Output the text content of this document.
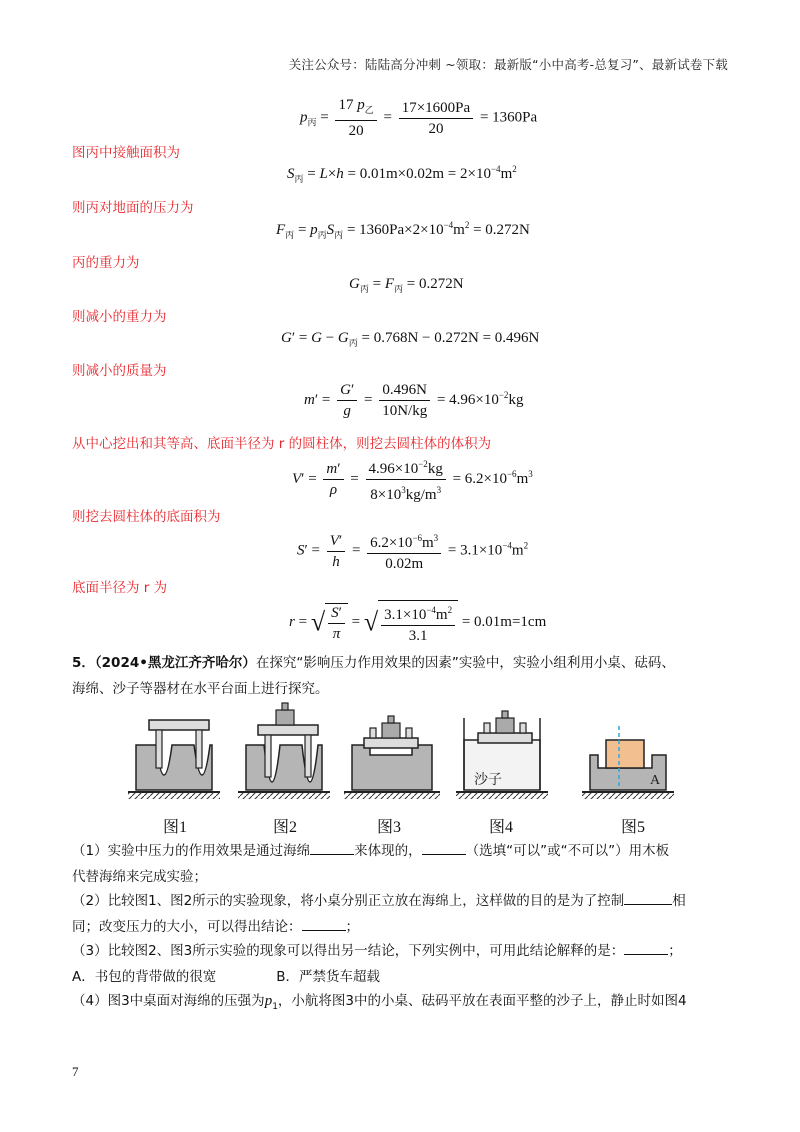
关注公众号：陆陆高分冲刺 ~领取：最新版“小中高考-总复习”、最新试卷下载
$p_丙 = \frac{17 p_乙}{20} = \frac{17\times 1600Pa}{20} = 1360Pa$
图丙中接触面积为
$S_丙 = L\times h = 0.01m\times 0.02m = 2\times 10^{-4}m^2$
则丙对地面的压力为
$F_丙 = p_丙S_丙 = 1360Pa\times 2\times 10^{-4}m^2 = 0.272N$
丙的重力为
$G_丙 = F_丙 = 0.272N$
则减小的重力为
$G' = G - G_丙 = 0.768N - 0.272N = 0.496N$
则减小的质量为
$m' = \frac{G'}{g} = \frac{0.496N}{10N/kg} = 4.96\times 10^{-2}kg$
从中心挖出和其等高、底面半径为 r 的圆柱体，则挖去圆柱体的体积为
$V' = \frac{m'}{\rho} = \frac{4.96\times 10^{-2}kg}{8\times 10^3kg/m^3} = 6.2\times 10^{-6}m^3$
则挖去圆柱体的底面积为
$S' = \frac{V'}{h} = \frac{6.2\times 10^{-6}m^3}{0.02m} = 3.1\times 10^{-4}m^2$
底面半径为 r 为
r = √ $\frac{S'}{\pi}$ = √ $\frac{3.1\times 10^{-4}m^2}{3.1} = 0.01m=1cm$
5．（2024•黑龙江齐齐哈尔）在探究“影响压力作用效果的因素”实验中，实验小组利用小桌、砝码、
海绵、沙子等器材在水平台面上进行探究。
沙子	A
图1	图2	图3	图4	图5
（1）实验中压力的作用效果是通过海绵	来体现的，	（选填“可以”或“不可以”）用木板
代替海绵来完成实验；
（2）比较图1、图2所示的实验现象，将小桌分别正立放在海绵上，这样做的目的是为了控制	相
同；改变压力的大小，可以得出结论：	；
（3）比较图2、图3所示实验的现象可以得出另一结论，下列实例中，可用此结论解释的是：	；
A．书包的背带做的很宽	B．严禁货车超载
（4）图3中桌面对海绵的压强为$p_1$，小航将图3中的小桌、砝码平放在表面平整的沙子上，静止时如图4
7
